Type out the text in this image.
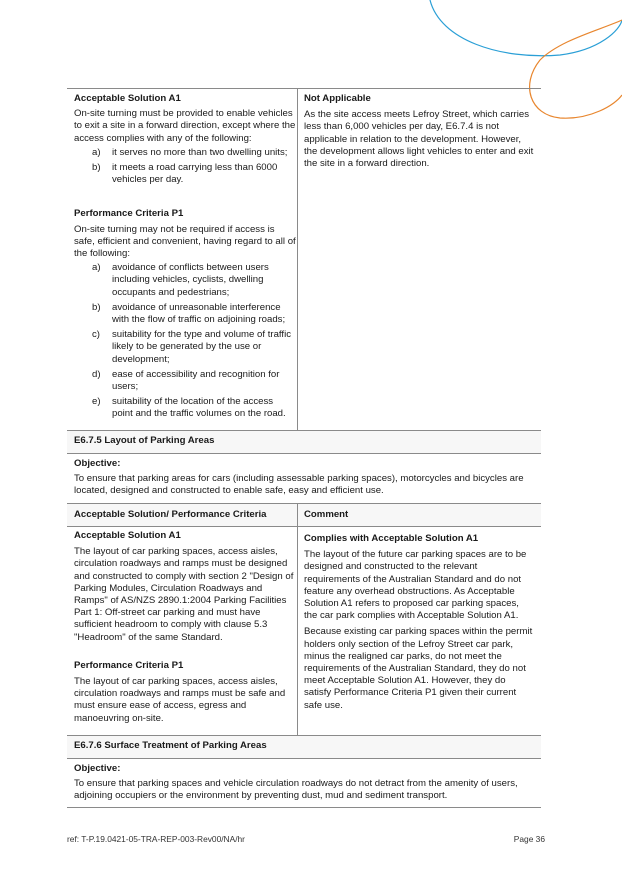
Acceptable Solution A1

On-site turning must be provided to enable vehicles to exit a site in a forward direction, except where the access complies with any of the following:

a) it serves no more than two dwelling units;
b) it meets a road carrying less than 6000 vehicles per day.

Performance Criteria P1

On-site turning may not be required if access is safe, efficient and convenient, having regard to all of the following:

a) avoidance of conflicts between users including vehicles, cyclists, dwelling occupants and pedestrians;
b) avoidance of unreasonable interference with the flow of traffic on adjoining roads;
c) suitability for the type and volume of traffic likely to be generated by the use or development;
d) ease of accessibility and recognition for users;
e) suitability of the location of the access point and the traffic volumes on the road.

Not Applicable

As the site access meets Lefroy Street, which carries less than 6,000 vehicles per day, E6.7.4 is not applicable in relation to the development. However, the development allows light vehicles to enter and exit the site in a forward direction.

E6.7.5 Layout of Parking Areas

Objective:

To ensure that parking areas for cars (including assessable parking spaces), motorcycles and bicycles are located, designed and constructed to enable safe, easy and efficient use.

Acceptable Solution/ Performance Criteria	Comment

Acceptable Solution A1

The layout of car parking spaces, access aisles, circulation roadways and ramps must be designed and constructed to comply with section 2 "Design of Parking Modules, Circulation Roadways and Ramps" of AS/NZS 2890.1:2004 Parking Facilities Part 1: Off-street car parking and must have sufficient headroom to comply with clause 5.3 "Headroom" of the same Standard.

Performance Criteria P1

The layout of car parking spaces, access aisles, circulation roadways and ramps must be safe and must ensure ease of access, egress and manoeuvring on-site.

Complies with Acceptable Solution A1

The layout of the future car parking spaces are to be designed and constructed to the relevant requirements of the Australian Standard and do not feature any overhead obstructions. As Acceptable Solution A1 refers to proposed car parking spaces, the car park complies with Acceptable Solution A1.

Because existing car parking spaces within the permit holders only section of the Lefroy Street car park, minus the realigned car parks, do not meet the requirements of the Australian Standard, they do not meet Acceptable Solution A1. However, they do satisfy Performance Criteria P1 given their current safe use.

E6.7.6 Surface Treatment of Parking Areas

Objective:

To ensure that parking spaces and vehicle circulation roadways do not detract from the amenity of users, adjoining occupiers or the environment by preventing dust, mud and sediment transport.

ref: T-P.19.0421-05-TRA-REP-003-Rev00/NA/hr	Page 36
